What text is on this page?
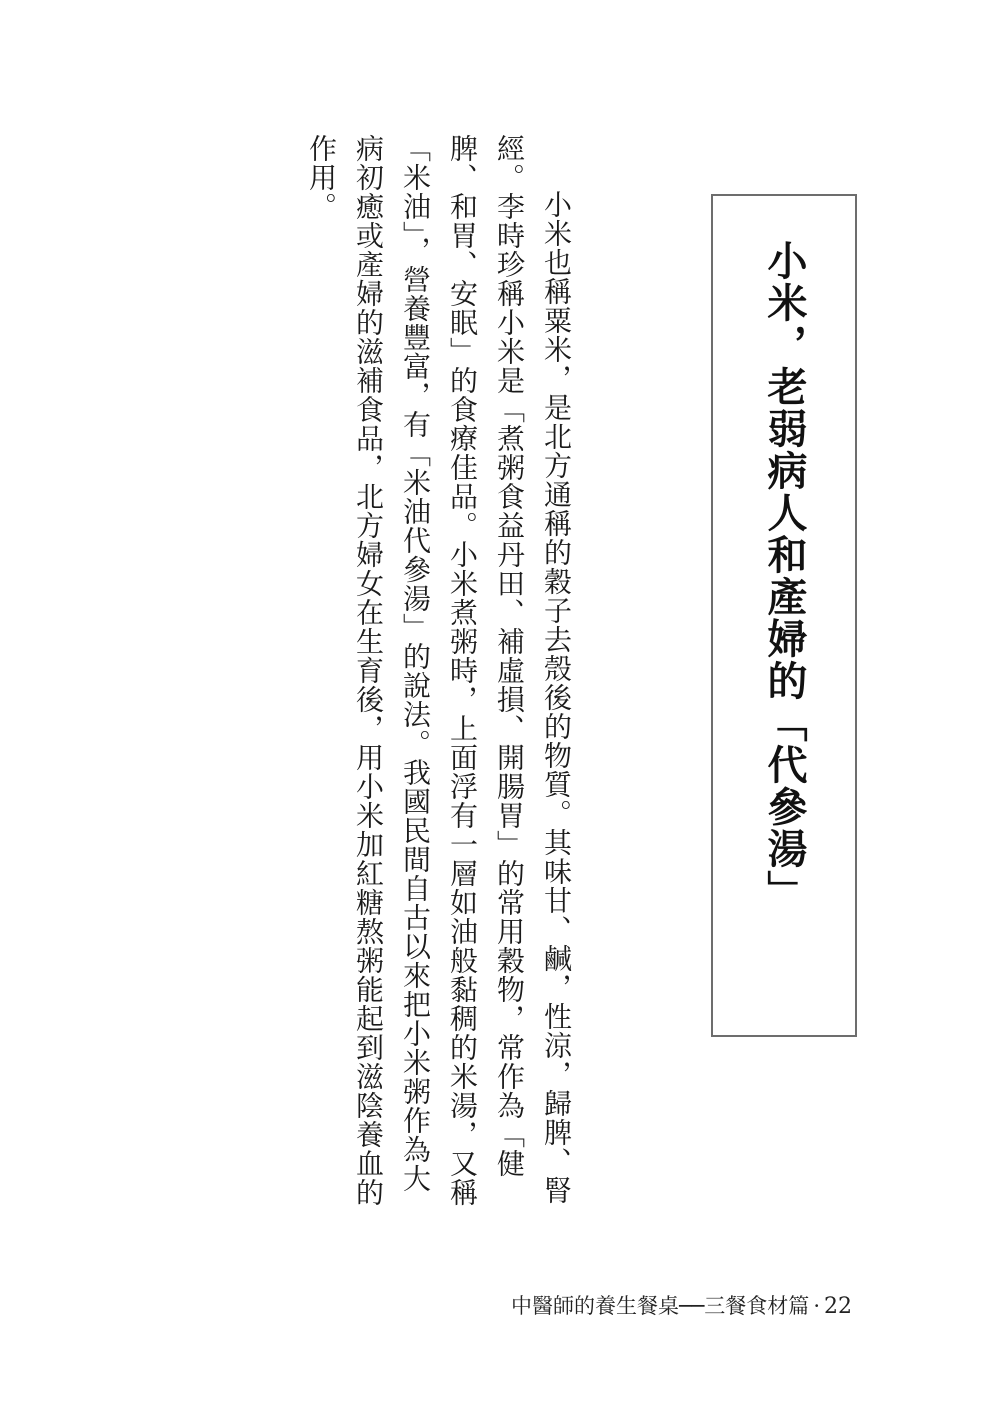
小米，老弱病人和產婦的「代參湯」

小米也稱粟米，是北方通稱的穀子去殼後的物質。其味甘、鹹，性涼，歸脾、腎經。李時珍稱小米是「煮粥食益丹田、補虛損、開腸胃」的常用穀物，常作為「健脾、和胃、安眠」的食療佳品。小米煮粥時，上面浮有一層如油般黏稠的米湯，又稱「米油」，營養豐富，有「米油代參湯」的說法。我國民間自古以來把小米粥作為大病初癒或產婦的滋補食品，北方婦女在生育後，用小米加紅糖熬粥能起到滋陰養血的作用。

中醫師的養生餐桌──三餐食材篇 · 22
